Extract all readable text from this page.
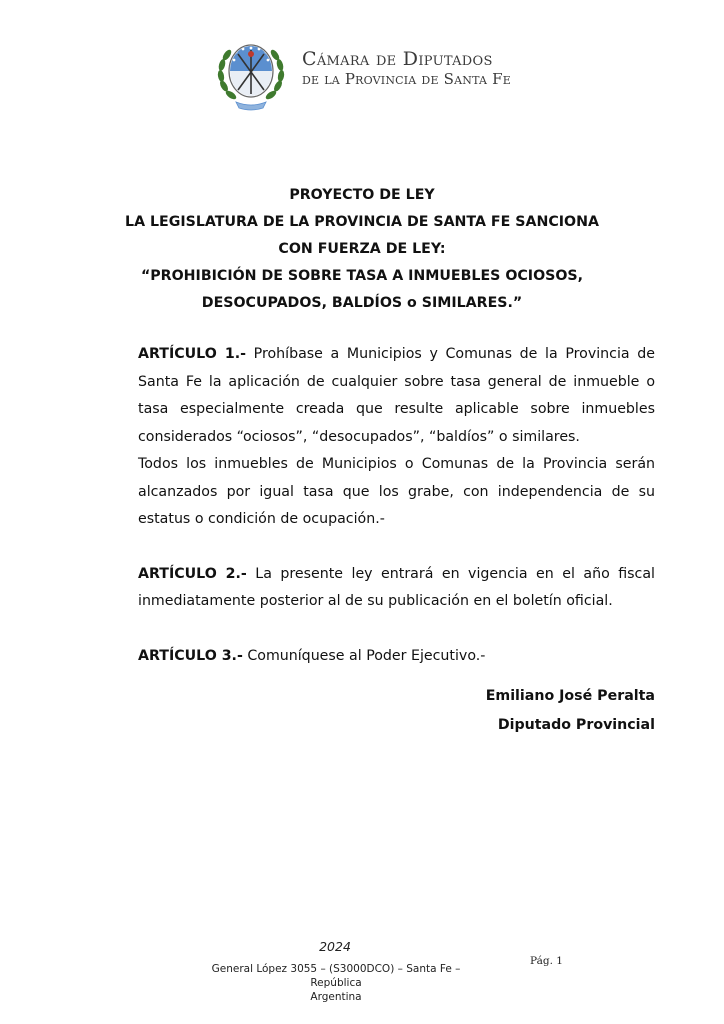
Cámara de Diputados
de la Provincia de Santa Fe
PROYECTO DE LEY
LA LEGISLATURA DE LA PROVINCIA DE SANTA FE SANCIONA
CON FUERZA DE LEY:
“PROHIBICIÓN DE SOBRE TASA A INMUEBLES OCIOSOS,
DESOCUPADOS, BALDÍOS o SIMILARES.”

ARTÍCULO 1.- Prohíbase a Municipios y Comunas de la Provincia de Santa Fe la aplicación de cualquier sobre tasa general de inmueble o tasa especialmente creada que resulte aplicable sobre inmuebles considerados “ociosos”, “desocupados”, “baldíos” o similares.

Todos los inmuebles de Municipios o Comunas de la Provincia serán alcanzados por igual tasa que los grabe, con independencia de su estatus o condición de ocupación.-

ARTÍCULO 2.- La presente ley entrará en vigencia en el año fiscal inmediatamente posterior al de su publicación en el boletín oficial.

ARTÍCULO 3.- Comuníquese al Poder Ejecutivo.-

Emiliano José Peralta
Diputado Provincial
2024
General López 3055 – (S3000DCO) – Santa Fe – República
Argentina
Pág. 1
